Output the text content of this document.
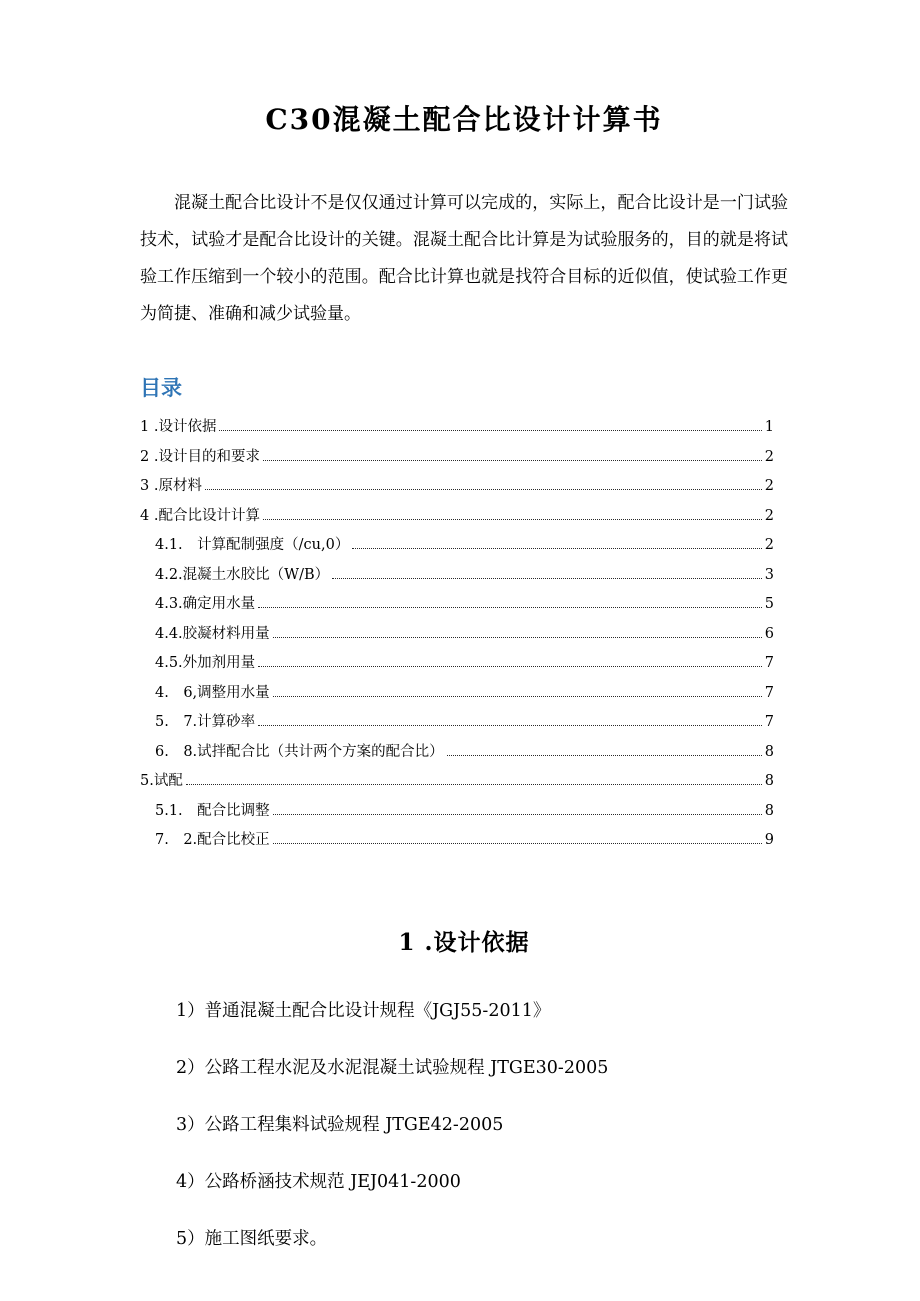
C30混凝土配合比设计计算书

混凝土配合比设计不是仅仅通过计算可以完成的，实际上，配合比设计是一门试验技术，试验才是配合比设计的关键。混凝土配合比计算是为试验服务的，目的就是将试验工作压缩到一个较小的范围。配合比计算也就是找符合目标的近似值，使试验工作更为简捷、准确和减少试验量。

目录
1 .设计依据	1
2 .设计目的和要求	2
3 .原材料	2
4 .配合比设计计算	2
4.1.　计算配制强度（/cu,0）	2
4.2.混凝土水胶比（W/B）	3
4.3.确定用水量	5
4.4.胶凝材料用量	6
4.5.外加剂用量	7
4.　6,调整用水量	7
5.　7.计算砂率	7
6.　8.试拌配合比（共计两个方案的配合比）	8
5.试配	8
5.1.　配合比调整	8
7.　2.配合比校正	9
1 .设计依据
1）普通混凝土配合比设计规程《JGJ55-2011》
2）公路工程水泥及水泥混凝土试验规程 JTGE30-2005
3）公路工程集料试验规程 JTGE42-2005
4）公路桥涵技术规范 JEJ041-2000
5）施工图纸要求。
